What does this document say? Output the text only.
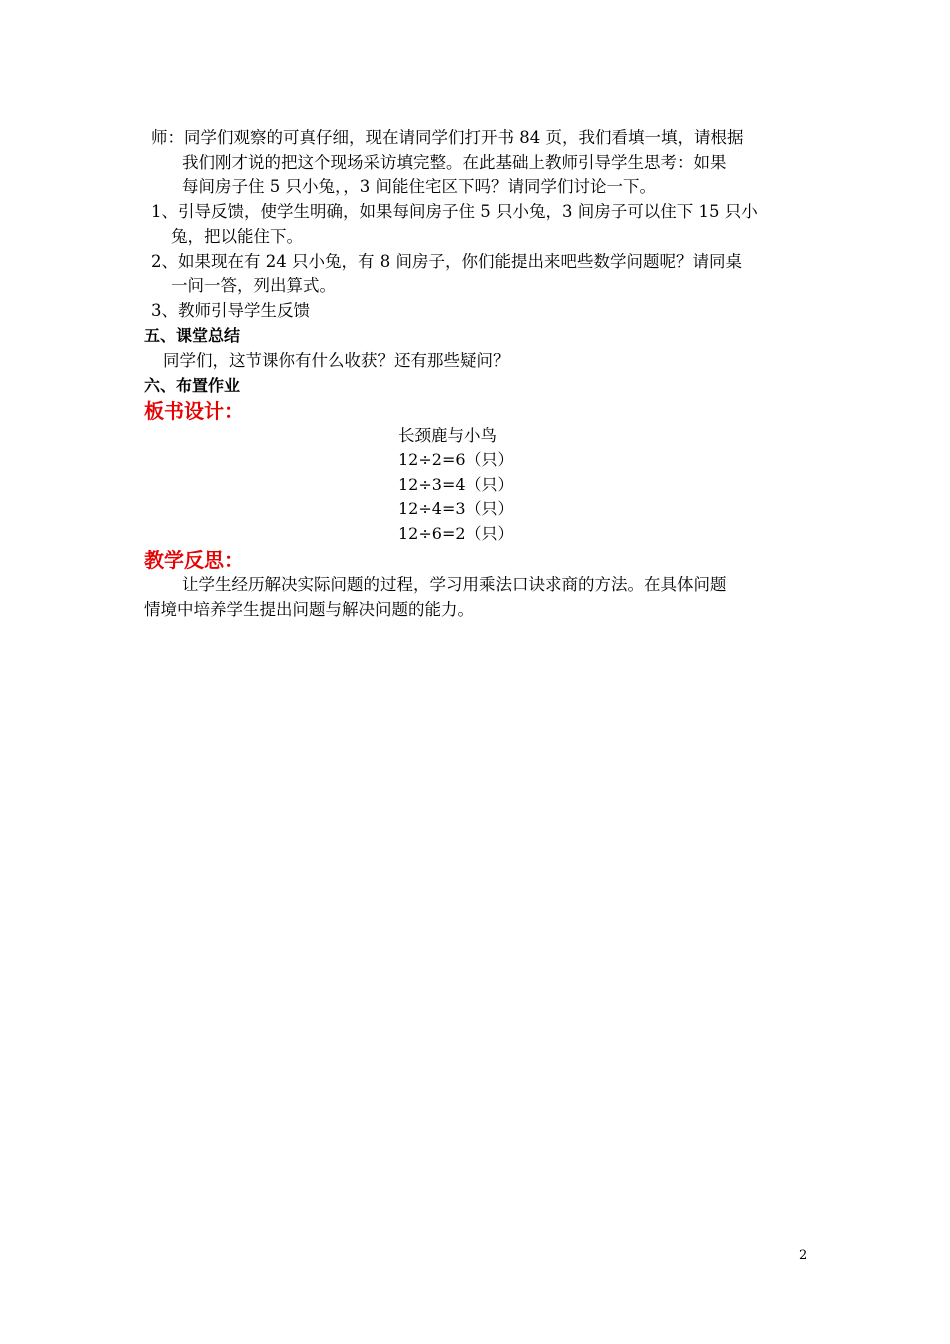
师：同学们观察的可真仔细，现在请同学们打开书 84 页，我们看填一填，请根据
我们刚才说的把这个现场采访填完整。在此基础上教师引导学生思考：如果
每间房子住 5 只小兔，，3 间能住宅区下吗？请同学们讨论一下。
1、引导反馈，使学生明确，如果每间房子住 5 只小兔，3 间房子可以住下 15 只小
兔，把以能住下。
2、如果现在有 24 只小兔，有 8 间房子，你们能提出来吧些数学问题呢？请同桌
一问一答，列出算式。
3、教师引导学生反馈
五、课堂总结
同学们，这节课你有什么收获？还有那些疑问？
六、布置作业
板书设计：
长颈鹿与小鸟
12÷2=6（只）
12÷3=4（只）
12÷4=3（只）
12÷6=2（只）
教学反思：
让学生经历解决实际问题的过程，学习用乘法口诀求商的方法。在具体问题
情境中培养学生提出问题与解决问题的能力。
2
